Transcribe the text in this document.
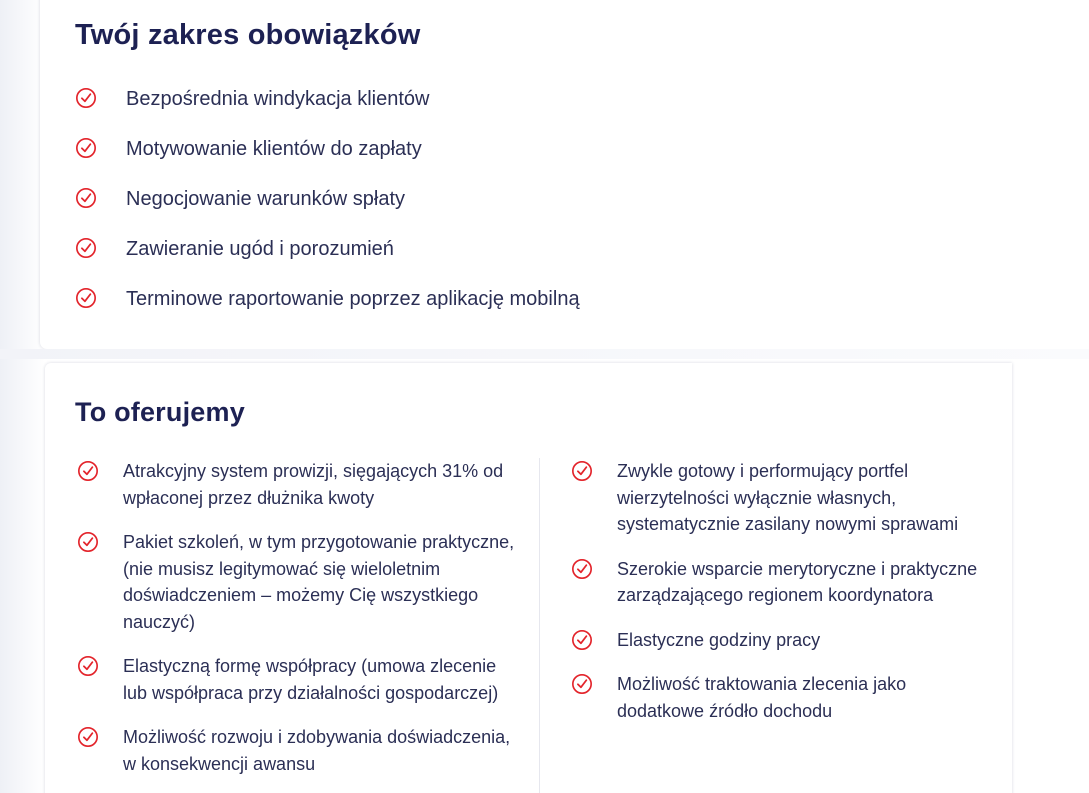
Twój zakres obowiązków
Bezpośrednia windykacja klientów
Motywowanie klientów do zapłaty
Negocjowanie warunków spłaty
Zawieranie ugód i porozumień
Terminowe raportowanie poprzez aplikację mobilną
To oferujemy
Atrakcyjny system prowizji, sięgających 31% od wpłaconej przez dłużnika kwoty
Pakiet szkoleń, w tym przygotowanie praktyczne,(nie musisz legitymować się wieloletnim doświadczeniem – możemy Cię wszystkiego nauczyć)
Elastyczną formę współpracy (umowa zlecenie lub współpraca przy działalności gospodarczej)
Możliwość rozwoju i zdobywania doświadczenia, w konsekwencji awansu
Zwykle gotowy i performujący portfel wierzytelności wyłącznie własnych, systematycznie zasilany nowymi sprawami
Szerokie wsparcie merytoryczne i praktyczne zarządzającego regionem koordynatora
Elastyczne godziny pracy
Możliwość traktowania zlecenia jako dodatkowe źródło dochodu
